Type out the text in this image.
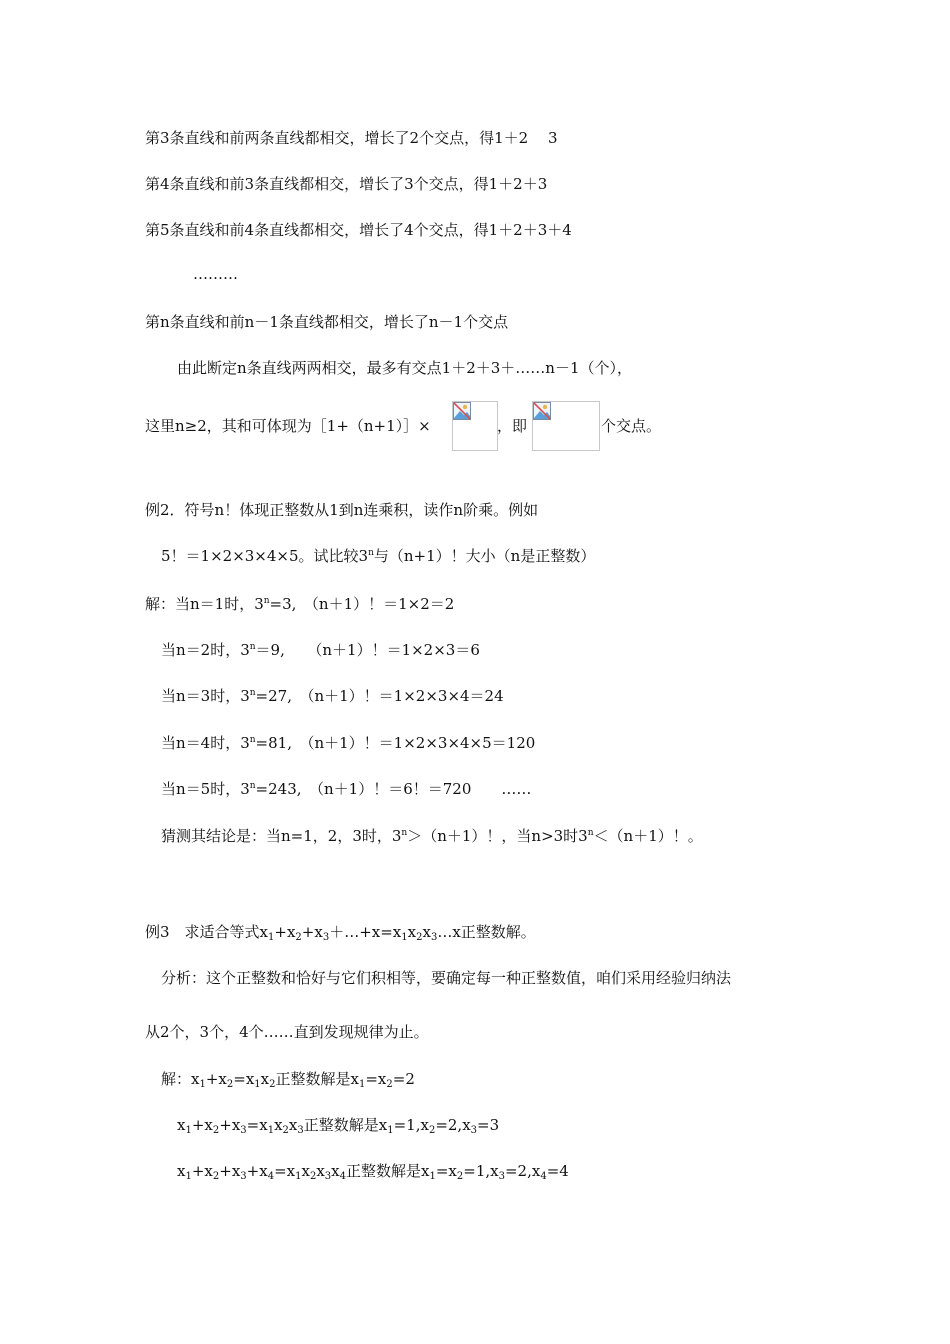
第3条直线和前两条直线都相交，增长了2个交点，得1＋2　 3
第4条直线和前3条直线都相交，增长了3个交点，得1＋2＋3
第5条直线和前4条直线都相交，增长了4个交点，得1＋2＋3＋4
………
第n条直线和前n－1条直线都相交，增长了n－1个交点
由此断定n条直线两两相交，最多有交点1＋2＋3＋……n－1（个），
这里n≥2，其和可体现为［1+（n+1）］×	，即	个交点。
例2．符号n！体现正整数从1到n连乘积，读作n阶乘。例如
5！＝1×2×3×4×5。试比较3$^n$与（n+1）！大小（n是正整数）
解：当n＝1时，$3^n=3$,　（n＋1）！＝1×2＝2
当n＝2时，$3^n=9$,　　（n＋1）！＝1×2×3＝6
当n＝3时，$3^n=27$,　（n＋1）！＝1×2×3×4＝24
当n＝4时，$3^n=81$,　（n＋1）！＝1×2×3×4×5＝120
当n＝5时，$3^n=243$,　（n＋1）！＝6！＝720　　……
猜测其结论是：当n=1，2，3时，$3^n>(n+1)$！，当n>3时$3^n<(n+1)$！。
例3　求适合等式$x_1+x_2+x_3+\dots+x=x_1x_2x_3\dots x$正整数解。
分析：这个正整数和恰好与它们积相等，要确定每一种正整数值，咱们采用经验归纳法
从2个，3个，4个……直到发现规律为止。
解：$x_1+x_2=x_1x_2$正整数解是$x_1=x_2=2$
$x_1+x_2+x_3=x_1x_2x_3$正整数解是$x_1=1,x_2=2,x_3=3$
$x_1+x_2+x_3+x_4=x_1x_2x_3x_4$正整数解是$x_1=x_2=1,x_3=2,x_4=4$
